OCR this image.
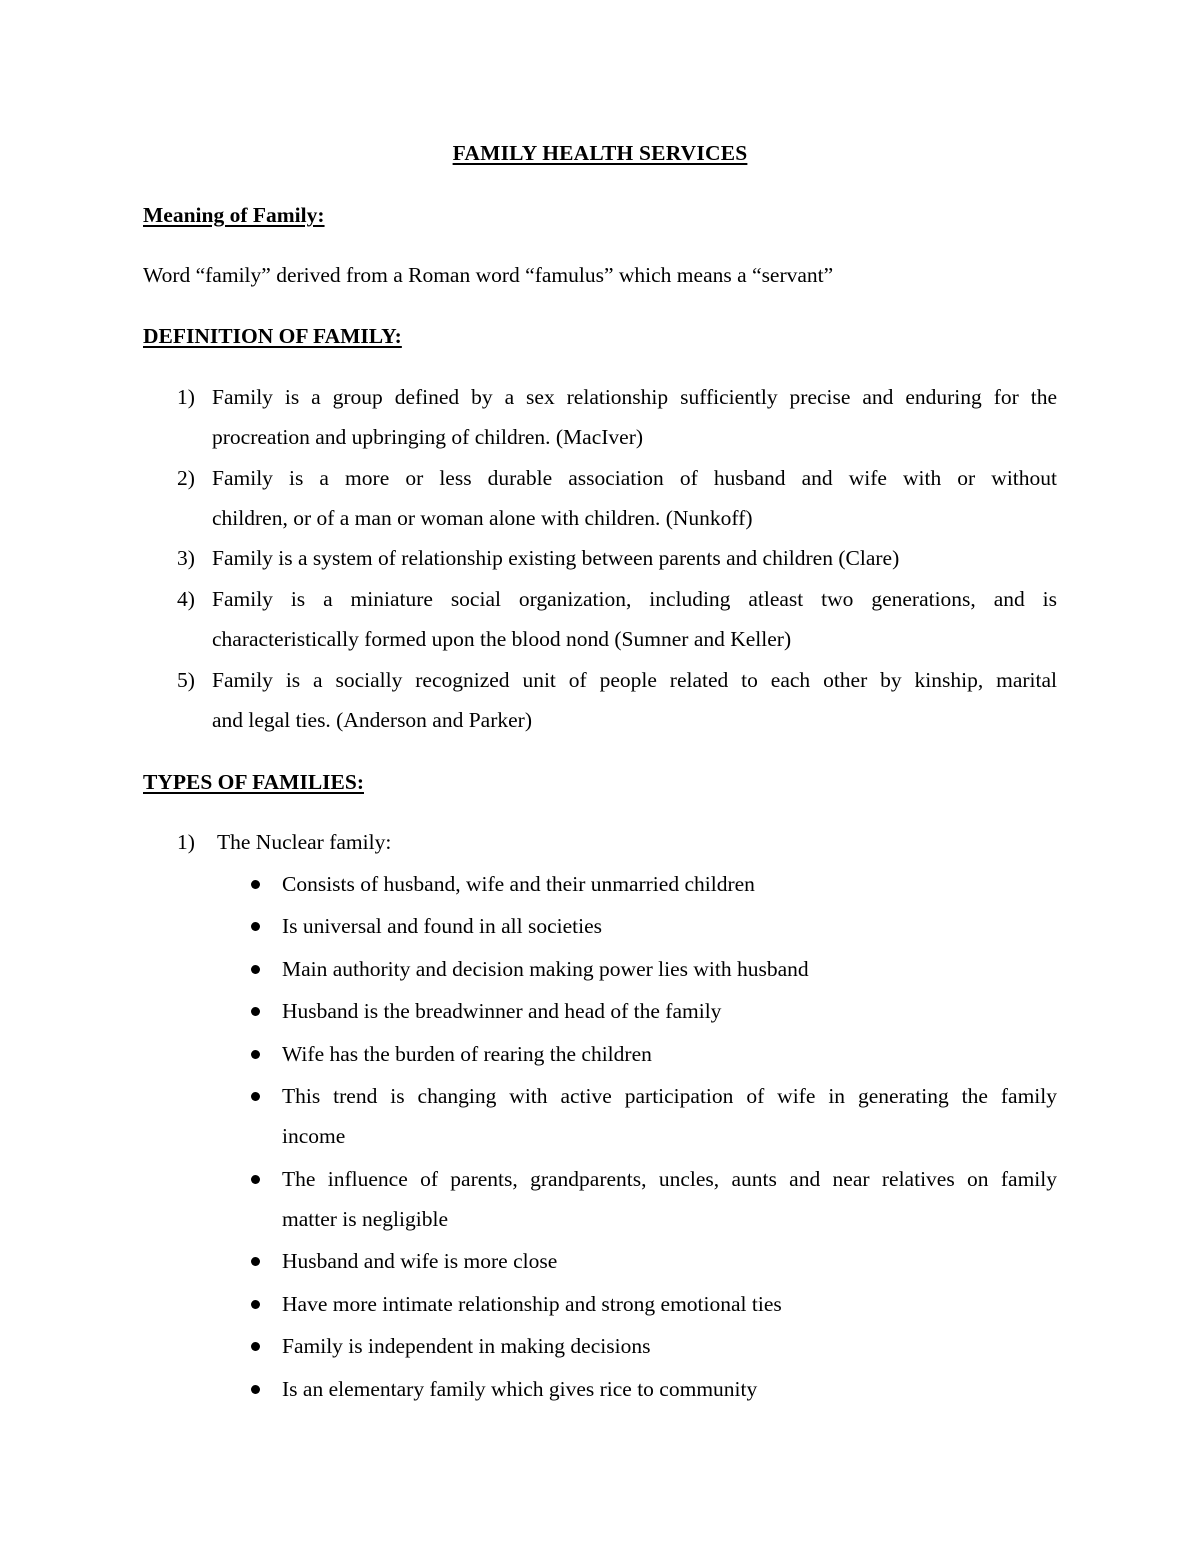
FAMILY HEALTH SERVICES
Meaning of Family:
Word “family” derived from a Roman word “famulus” which means a “servant”
DEFINITION OF FAMILY:
1) Family is a group defined by a sex relationship sufficiently precise and enduring for the
procreation and upbringing of children. (MacIver)
2) Family is a more or less durable association of husband and wife with or without
children, or of a man or woman alone with children. (Nunkoff)
3) Family is a system of relationship existing between parents and children (Clare)
4) Family is a miniature social organization, including atleast two generations, and is
characteristically formed upon the blood nond (Sumner and Keller)
5) Family is a socially recognized unit of people related to each other by kinship, marital
and legal ties. (Anderson and Parker)
TYPES OF FAMILIES:
1) The Nuclear family:
Consists of husband, wife and their unmarried children
Is universal and found in all societies
Main authority and decision making power lies with husband
Husband is the breadwinner and head of the family
Wife has the burden of rearing the children
This trend is changing with active participation of wife in generating the family
income
The influence of parents, grandparents, uncles, aunts and near relatives on family
matter is negligible
Husband and wife is more close
Have more intimate relationship and strong emotional ties
Family is independent in making decisions
Is an elementary family which gives rice to community
